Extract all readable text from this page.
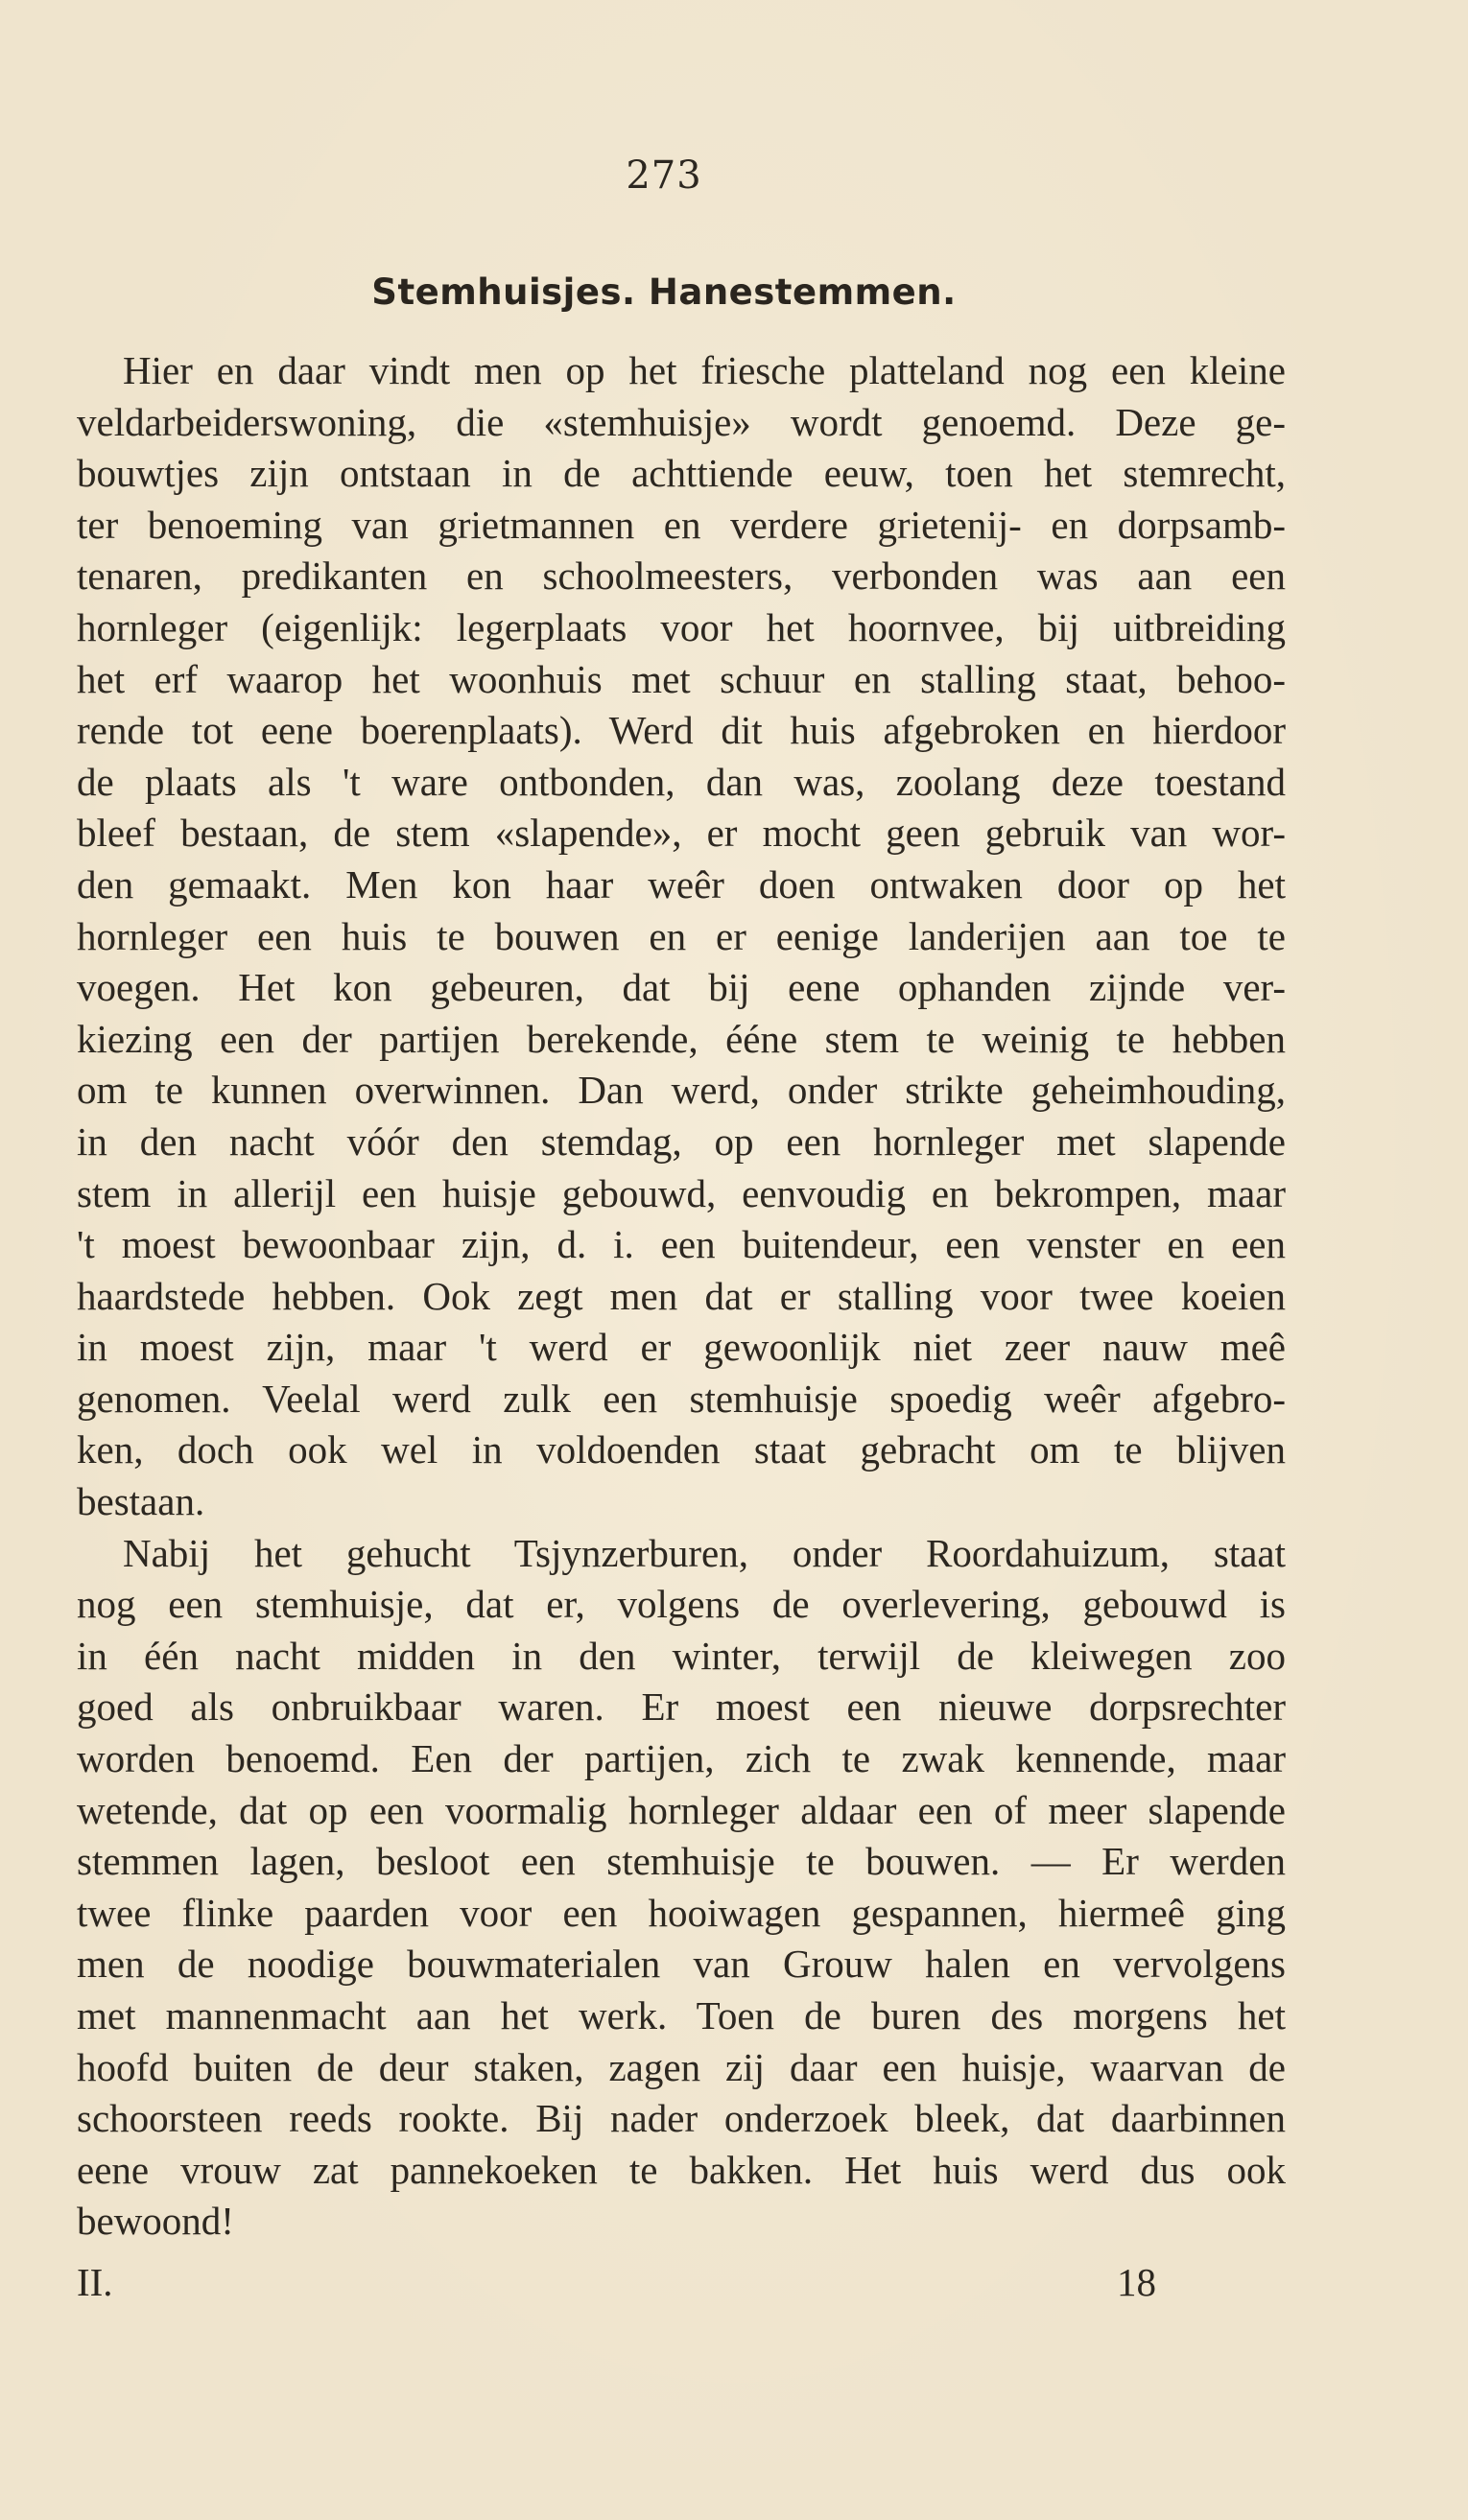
273
Stemhuisjes. Hanestemmen.
Hier en daar vindt men op het friesche platteland nog een kleine
veldarbeiderswoning, die «stemhuisje» wordt genoemd. Deze ge-
bouwtjes zijn ontstaan in de achttiende eeuw, toen het stemrecht,
ter benoeming van grietmannen en verdere grietenij- en dorpsamb-
tenaren, predikanten en schoolmeesters, verbonden was aan een
hornleger (eigenlijk: legerplaats voor het hoornvee, bij uitbreiding
het erf waarop het woonhuis met schuur en stalling staat, behoo-
rende tot eene boerenplaats). Werd dit huis afgebroken en hierdoor
de plaats als 't ware ontbonden, dan was, zoolang deze toestand
bleef bestaan, de stem «slapende», er mocht geen gebruik van wor-
den gemaakt. Men kon haar weêr doen ontwaken door op het
hornleger een huis te bouwen en er eenige landerijen aan toe te
voegen. Het kon gebeuren, dat bij eene ophanden zijnde ver-
kiezing een der partijen berekende, ééne stem te weinig te hebben
om te kunnen overwinnen. Dan werd, onder strikte geheimhouding,
in den nacht vóór den stemdag, op een hornleger met slapende
stem in allerijl een huisje gebouwd, eenvoudig en bekrompen, maar
't moest bewoonbaar zijn, d. i. een buitendeur, een venster en een
haardstede hebben. Ook zegt men dat er stalling voor twee koeien
in moest zijn, maar 't werd er gewoonlijk niet zeer nauw meê
genomen. Veelal werd zulk een stemhuisje spoedig weêr afgebro-
ken, doch ook wel in voldoenden staat gebracht om te blijven
bestaan.
Nabij het gehucht Tsjynzerburen, onder Roordahuizum, staat
nog een stemhuisje, dat er, volgens de overlevering, gebouwd is
in één nacht midden in den winter, terwijl de kleiwegen zoo
goed als onbruikbaar waren. Er moest een nieuwe dorpsrechter
worden benoemd. Een der partijen, zich te zwak kennende, maar
wetende, dat op een voormalig hornleger aldaar een of meer slapende
stemmen lagen, besloot een stemhuisje te bouwen. — Er werden
twee flinke paarden voor een hooiwagen gespannen, hiermeê ging
men de noodige bouwmaterialen van Grouw halen en vervolgens
met mannenmacht aan het werk. Toen de buren des morgens het
hoofd buiten de deur staken, zagen zij daar een huisje, waarvan de
schoorsteen reeds rookte. Bij nader onderzoek bleek, dat daarbinnen
eene vrouw zat pannekoeken te bakken. Het huis werd dus ook
bewoond!
II.	18
